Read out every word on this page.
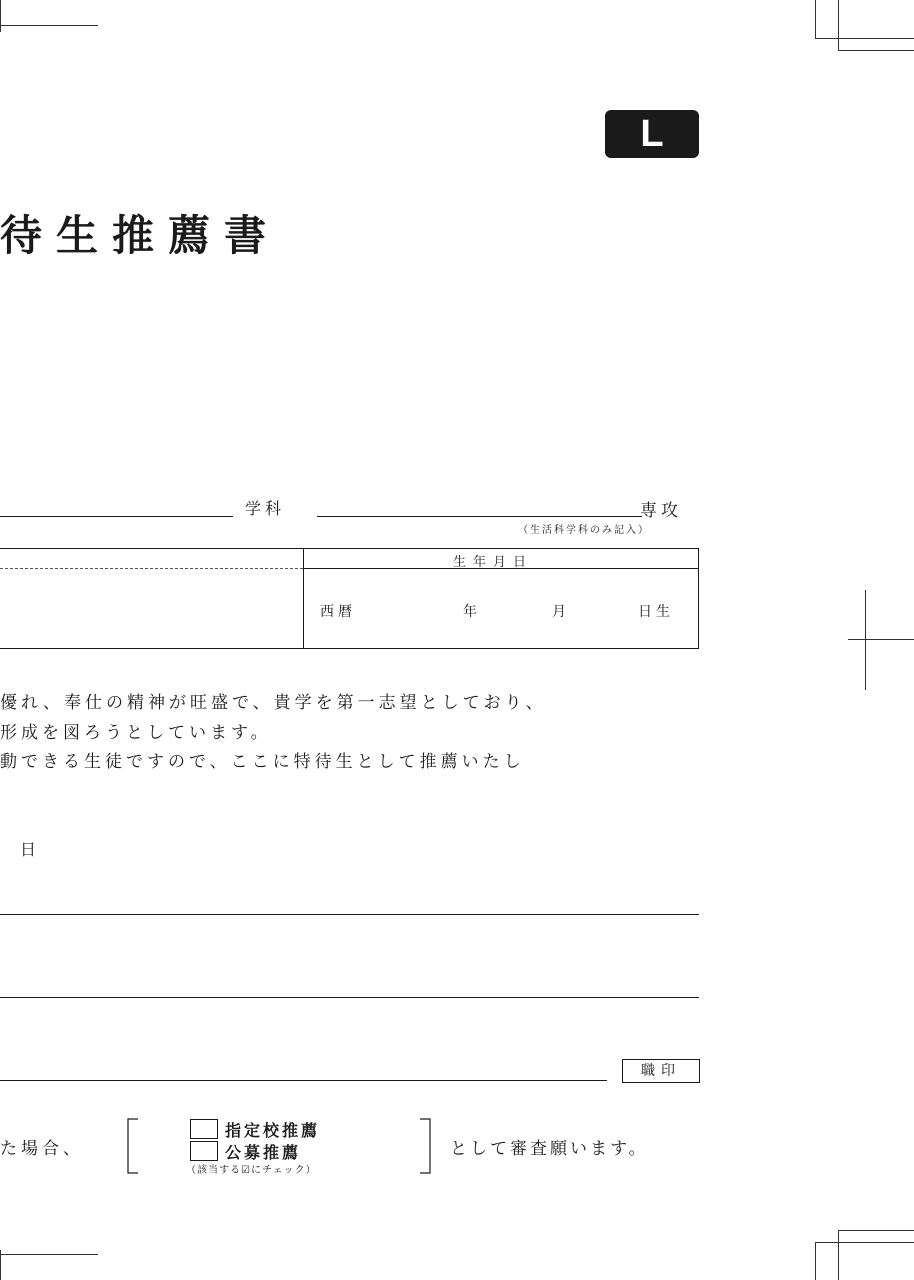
L
待生推薦書
学科	専攻
（生活科学科のみ記入）
生年月日
西暦	年	月	日生
優れ、奉仕の精神が旺盛で、貴学を第一志望としており、
形成を図ろうとしています。
動できる生徒ですので、ここに特待生として推薦いたし
日
職印
た場合、
指定校推薦
公募推薦
（該当する☑にチェック）
として審査願います。
